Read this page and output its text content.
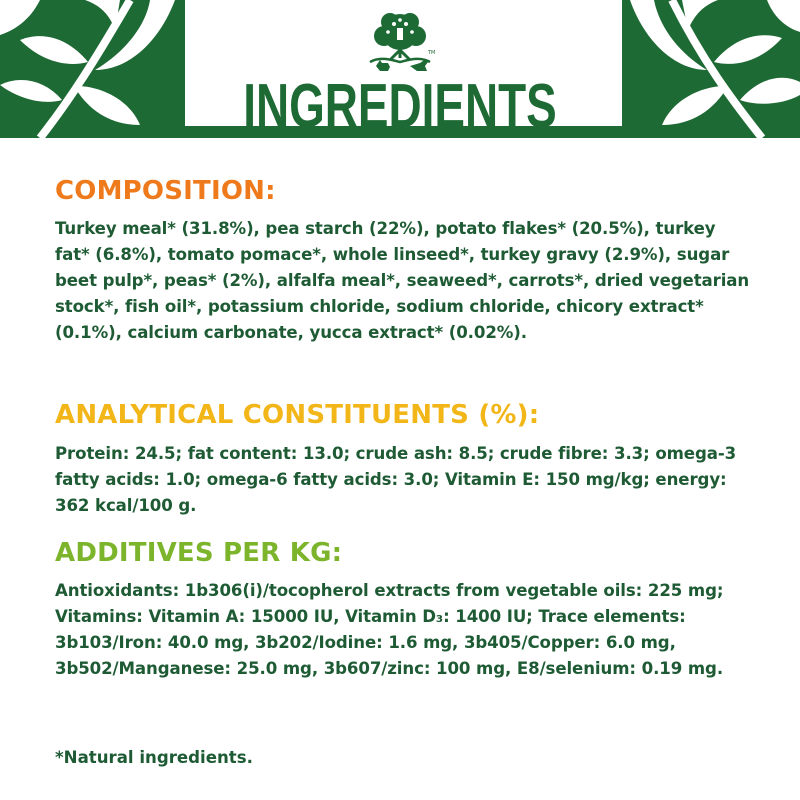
TM
INGREDIENTS
COMPOSITION:
Turkey meal* (31.8%), pea starch (22%), potato flakes* (20.5%), turkey fat* (6.8%), tomato pomace*, whole linseed*, turkey gravy (2.9%), sugar beet pulp*, peas* (2%), alfalfa meal*, seaweed*, carrots*, dried vegetarian stock*, fish oil*, potassium chloride, sodium chloride, chicory extract* (0.1%), calcium carbonate, yucca extract* (0.02%).
ANALYTICAL CONSTITUENTS (%):
Protein: 24.5; fat content: 13.0; crude ash: 8.5; crude fibre: 3.3; omega-3 fatty acids: 1.0; omega-6 fatty acids: 3.0; Vitamin E: 150 mg/kg; energy: 362 kcal/100 g.
ADDITIVES PER KG:
Antioxidants: 1b306(i)/tocopherol extracts from vegetable oils: 225 mg; Vitamins: Vitamin A: 15000 IU, Vitamin D₃: 1400 IU; Trace elements: 3b103/Iron: 40.0 mg, 3b202/Iodine: 1.6 mg, 3b405/Copper: 6.0 mg, 3b502/Manganese: 25.0 mg, 3b607/zinc: 100 mg, E8/selenium: 0.19 mg.
*Natural ingredients.
